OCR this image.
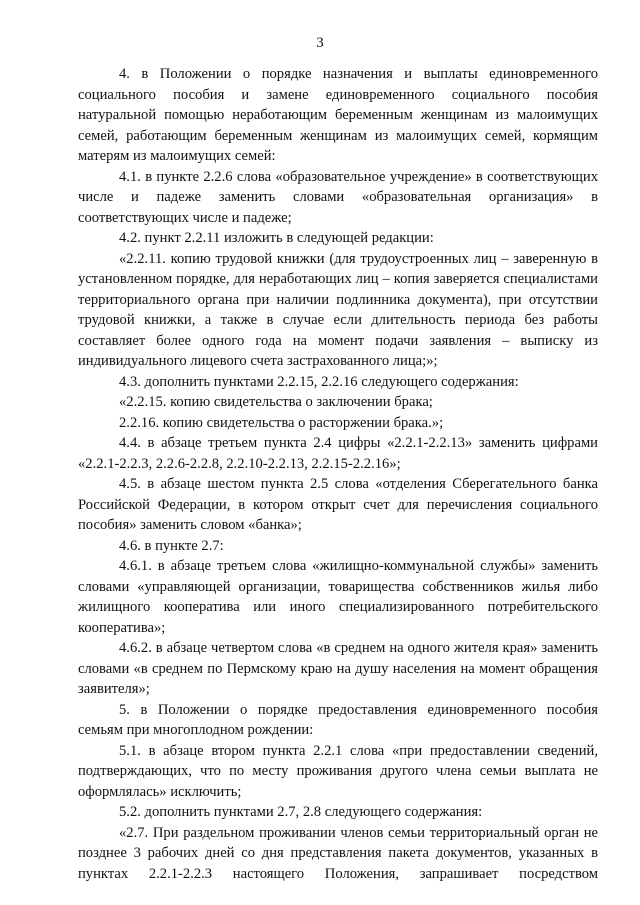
3

4. в Положении о порядке назначения и выплаты единовременного социального пособия и замене единовременного социального пособия натуральной помощью неработающим беременным женщинам из малоимущих семей, работающим беременным женщинам из малоимущих семей, кормящим матерям из малоимущих семей:

4.1. в пункте 2.2.6 слова «образовательное учреждение» в соответствующих числе и падеже заменить словами «образовательная организация» в соответствующих числе и падеже;

4.2. пункт 2.2.11 изложить в следующей редакции:

«2.2.11. копию трудовой книжки (для трудоустроенных лиц – заверенную в установленном порядке, для неработающих лиц – копия заверяется специалистами территориального органа при наличии подлинника документа), при отсутствии трудовой книжки, а также в случае если длительность периода без работы составляет более одного года на момент подачи заявления – выписку из индивидуального лицевого счета застрахованного лица;»;

4.3. дополнить пунктами 2.2.15, 2.2.16 следующего содержания:

«2.2.15. копию свидетельства о заключении брака;

2.2.16. копию свидетельства о расторжении брака.»;

4.4. в абзаце третьем пункта 2.4 цифры «2.2.1-2.2.13» заменить цифрами «2.2.1-2.2.3, 2.2.6-2.2.8, 2.2.10-2.2.13, 2.2.15-2.2.16»;

4.5. в абзаце шестом пункта 2.5 слова «отделения Сберегательного банка Российской Федерации, в котором открыт счет для перечисления социального пособия» заменить словом «банка»;

4.6. в пункте 2.7:

4.6.1. в абзаце третьем слова «жилищно-коммунальной службы» заменить словами «управляющей организации, товарищества собственников жилья либо жилищного кооператива или иного специализированного потребительского кооператива»;

4.6.2. в абзаце четвертом слова «в среднем на одного жителя края» заменить словами «в среднем по Пермскому краю на душу населения на момент обращения заявителя»;

5. в Положении о порядке предоставления единовременного пособия семьям при многоплодном рождении:

5.1. в абзаце втором пункта 2.2.1 слова «при предоставлении сведений, подтверждающих, что по месту проживания другого члена семьи выплата не оформлялась» исключить;

5.2. дополнить пунктами 2.7, 2.8 следующего содержания:

«2.7. При раздельном проживании членов семьи территориальный орган не позднее 3 рабочих дней со дня представления пакета документов, указанных в пунктах 2.2.1-2.2.3 настоящего Положения, запрашивает посредством
